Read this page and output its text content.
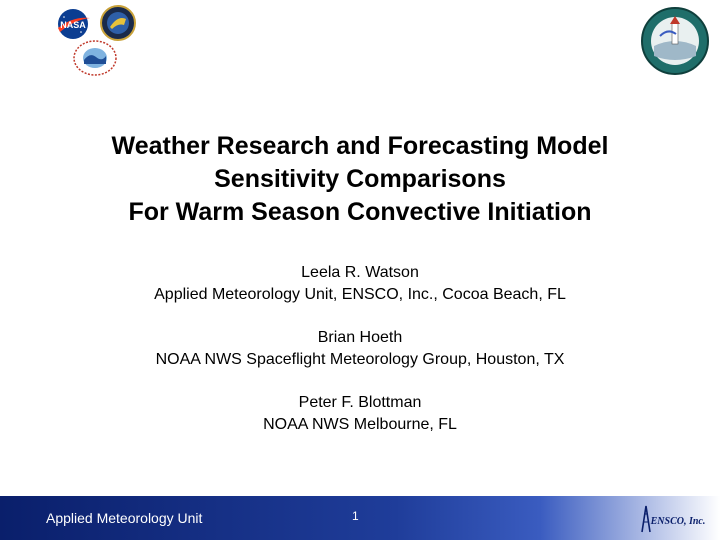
NASA
Weather Research and Forecasting Model
Sensitivity Comparisons
For Warm Season Convective Initiation
Leela R. Watson
Applied Meteorology Unit, ENSCO, Inc., Cocoa Beach, FL
Brian Hoeth
NOAA NWS Spaceflight Meteorology Group, Houston, TX
Peter F. Blottman
NOAA NWS Melbourne, FL
Applied Meteorology Unit	1	ENSCO, Inc.
